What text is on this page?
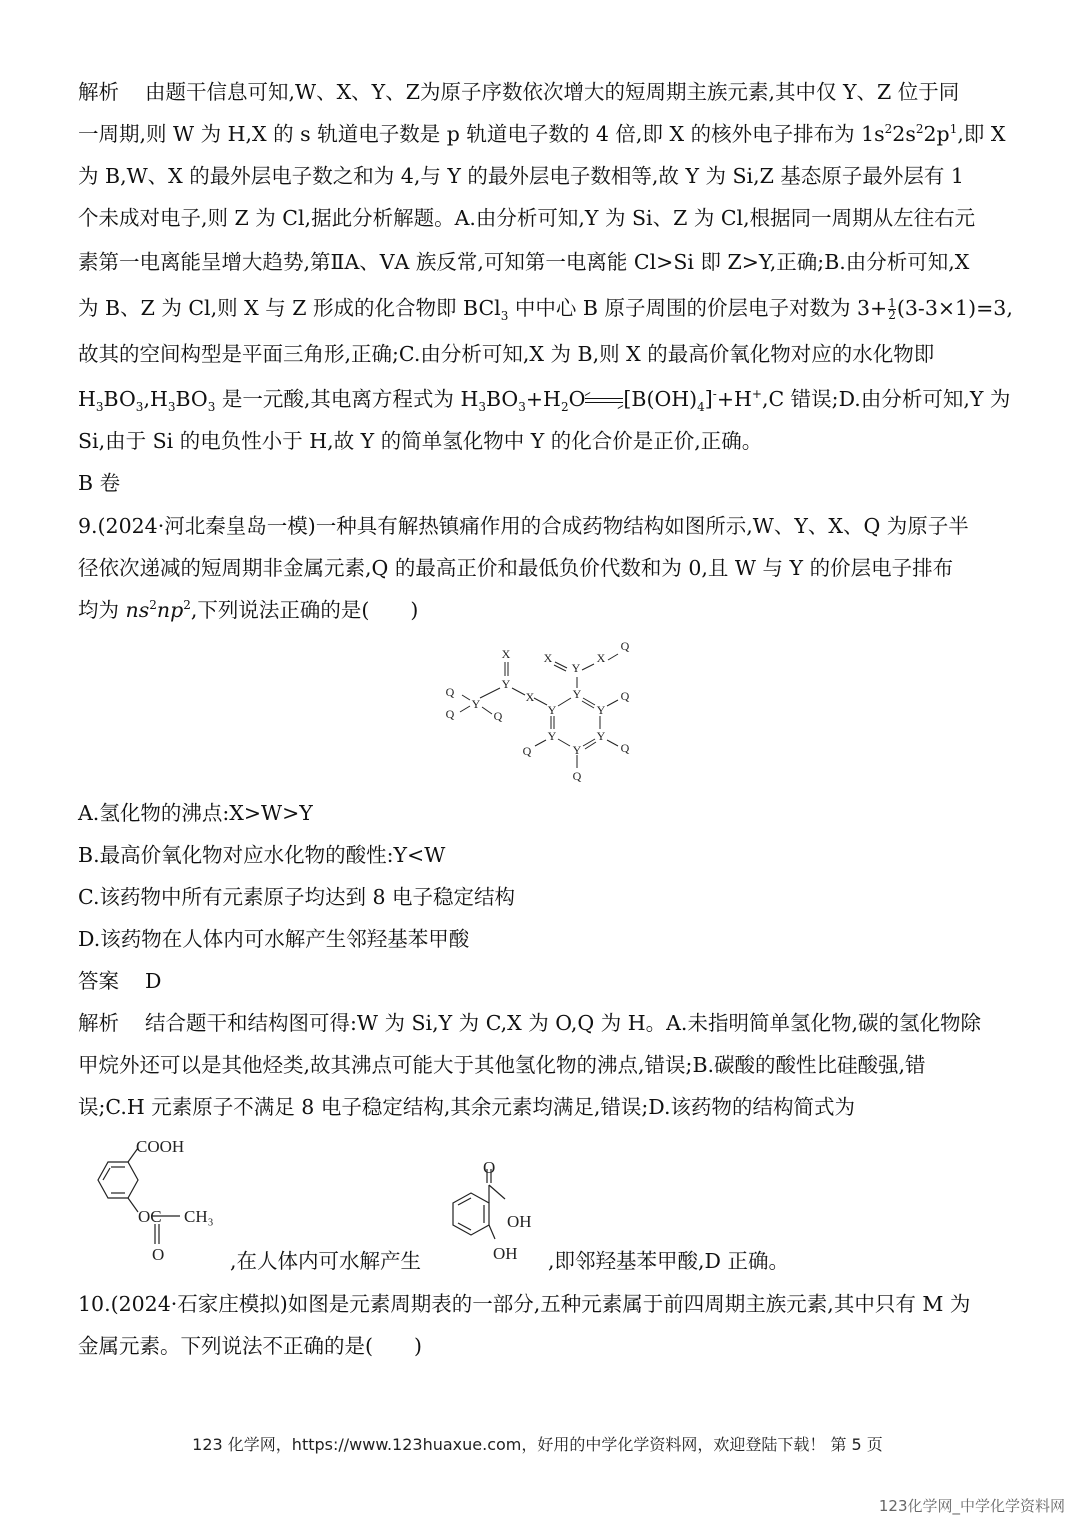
解析 由题干信息可知,W、X、Y、Z为原子序数依次增大的短周期主族元素,其中仅 Y、Z 位于同
一周期,则 W 为 H,X 的 s 轨道电子数是 p 轨道电子数的 4 倍,即 X 的核外电子排布为 $1s^22s^22p^1$,即 X
为 B,W、X 的最外层电子数之和为 4,与 Y 的最外层电子数相等,故 Y 为 Si,Z 基态原子最外层有 1
个未成对电子,则 Z 为 Cl,据此分析解题。A.由分析可知,Y 为 Si、Z 为 Cl,根据同一周期从左往右元
素第一电离能呈增大趋势,第ⅡA、ⅤA 族反常,可知第一电离能 Cl>Si 即 Z>Y,正确;B.由分析可知,X
为 B、Z 为 Cl,则 X 与 Z 形成的化合物即 BCl$_3$ 中中心 B 原子周围的价层电子对数为 $3+ \frac{1}{2} (3-3\times 1)=3$,
故其的空间构型是平面三角形,正确;C.由分析可知,X 为 B,则 X 的最高价氧化物对应的水化物即
$H_3BO_3,H_3BO_3$ 是一元酸,其电离方程式为 $H_3BO_3+H_2O$ $[B(OH)_4]^-+H^+,C$ 错误;D.由分析可知,Y 为
Si,由于 Si 的电负性小于 H,故 Y 的简单氢化物中 Y 的化合价是正价,正确。
B 卷
9.(2024·河北秦皇岛一模)一种具有解热镇痛作用的合成药物结构如图所示,W、Y、X、Q 为原子半
径依次递减的短周期非金属元素,Q 的最高正价和最低负价代数和为 0,且 W 与 Y 的价层电子排布
均为 $ns^2np^2$,下列说法正确的是(　　)
X
Y
X
Y
Q
Q	Q
X
Y
X
Q
Y
Y	Y
Q
Y	Y
Y
Q	Q
Q
A.氢化物的沸点:X>W>Y
B.最高价氧化物对应水化物的酸性:Y<W
C.该药物中所有元素原子均达到 8 电子稳定结构
D.该药物在人体内可水解产生邻羟基苯甲酸
答案 D
解析 结合题干和结构图可得:W 为 Si,Y 为 C,X 为 O,Q 为 H。A.未指明简单氢化物,碳的氢化物除
甲烷外还可以是其他烃类,故其沸点可能大于其他氢化物的沸点,错误;B.碳酸的酸性比硅酸强,错
误;C.H 元素原子不满足 8 电子稳定结构,其余元素均满足,错误;D.该药物的结构简式为
COOH
OC CH₃
O	,在人体内可水解产生
O
OH
OH ,即邻羟基苯甲酸,D 正确。
10.(2024·石家庄模拟)如图是元素周期表的一部分,五种元素属于前四周期主族元素,其中只有 M 为
金属元素。下列说法不正确的是(　　)
123 化学网，https://www.123huaxue.com，好用的中学化学资料网，欢迎登陆下载！ 第 5 页
123化学网_中学化学资料网
